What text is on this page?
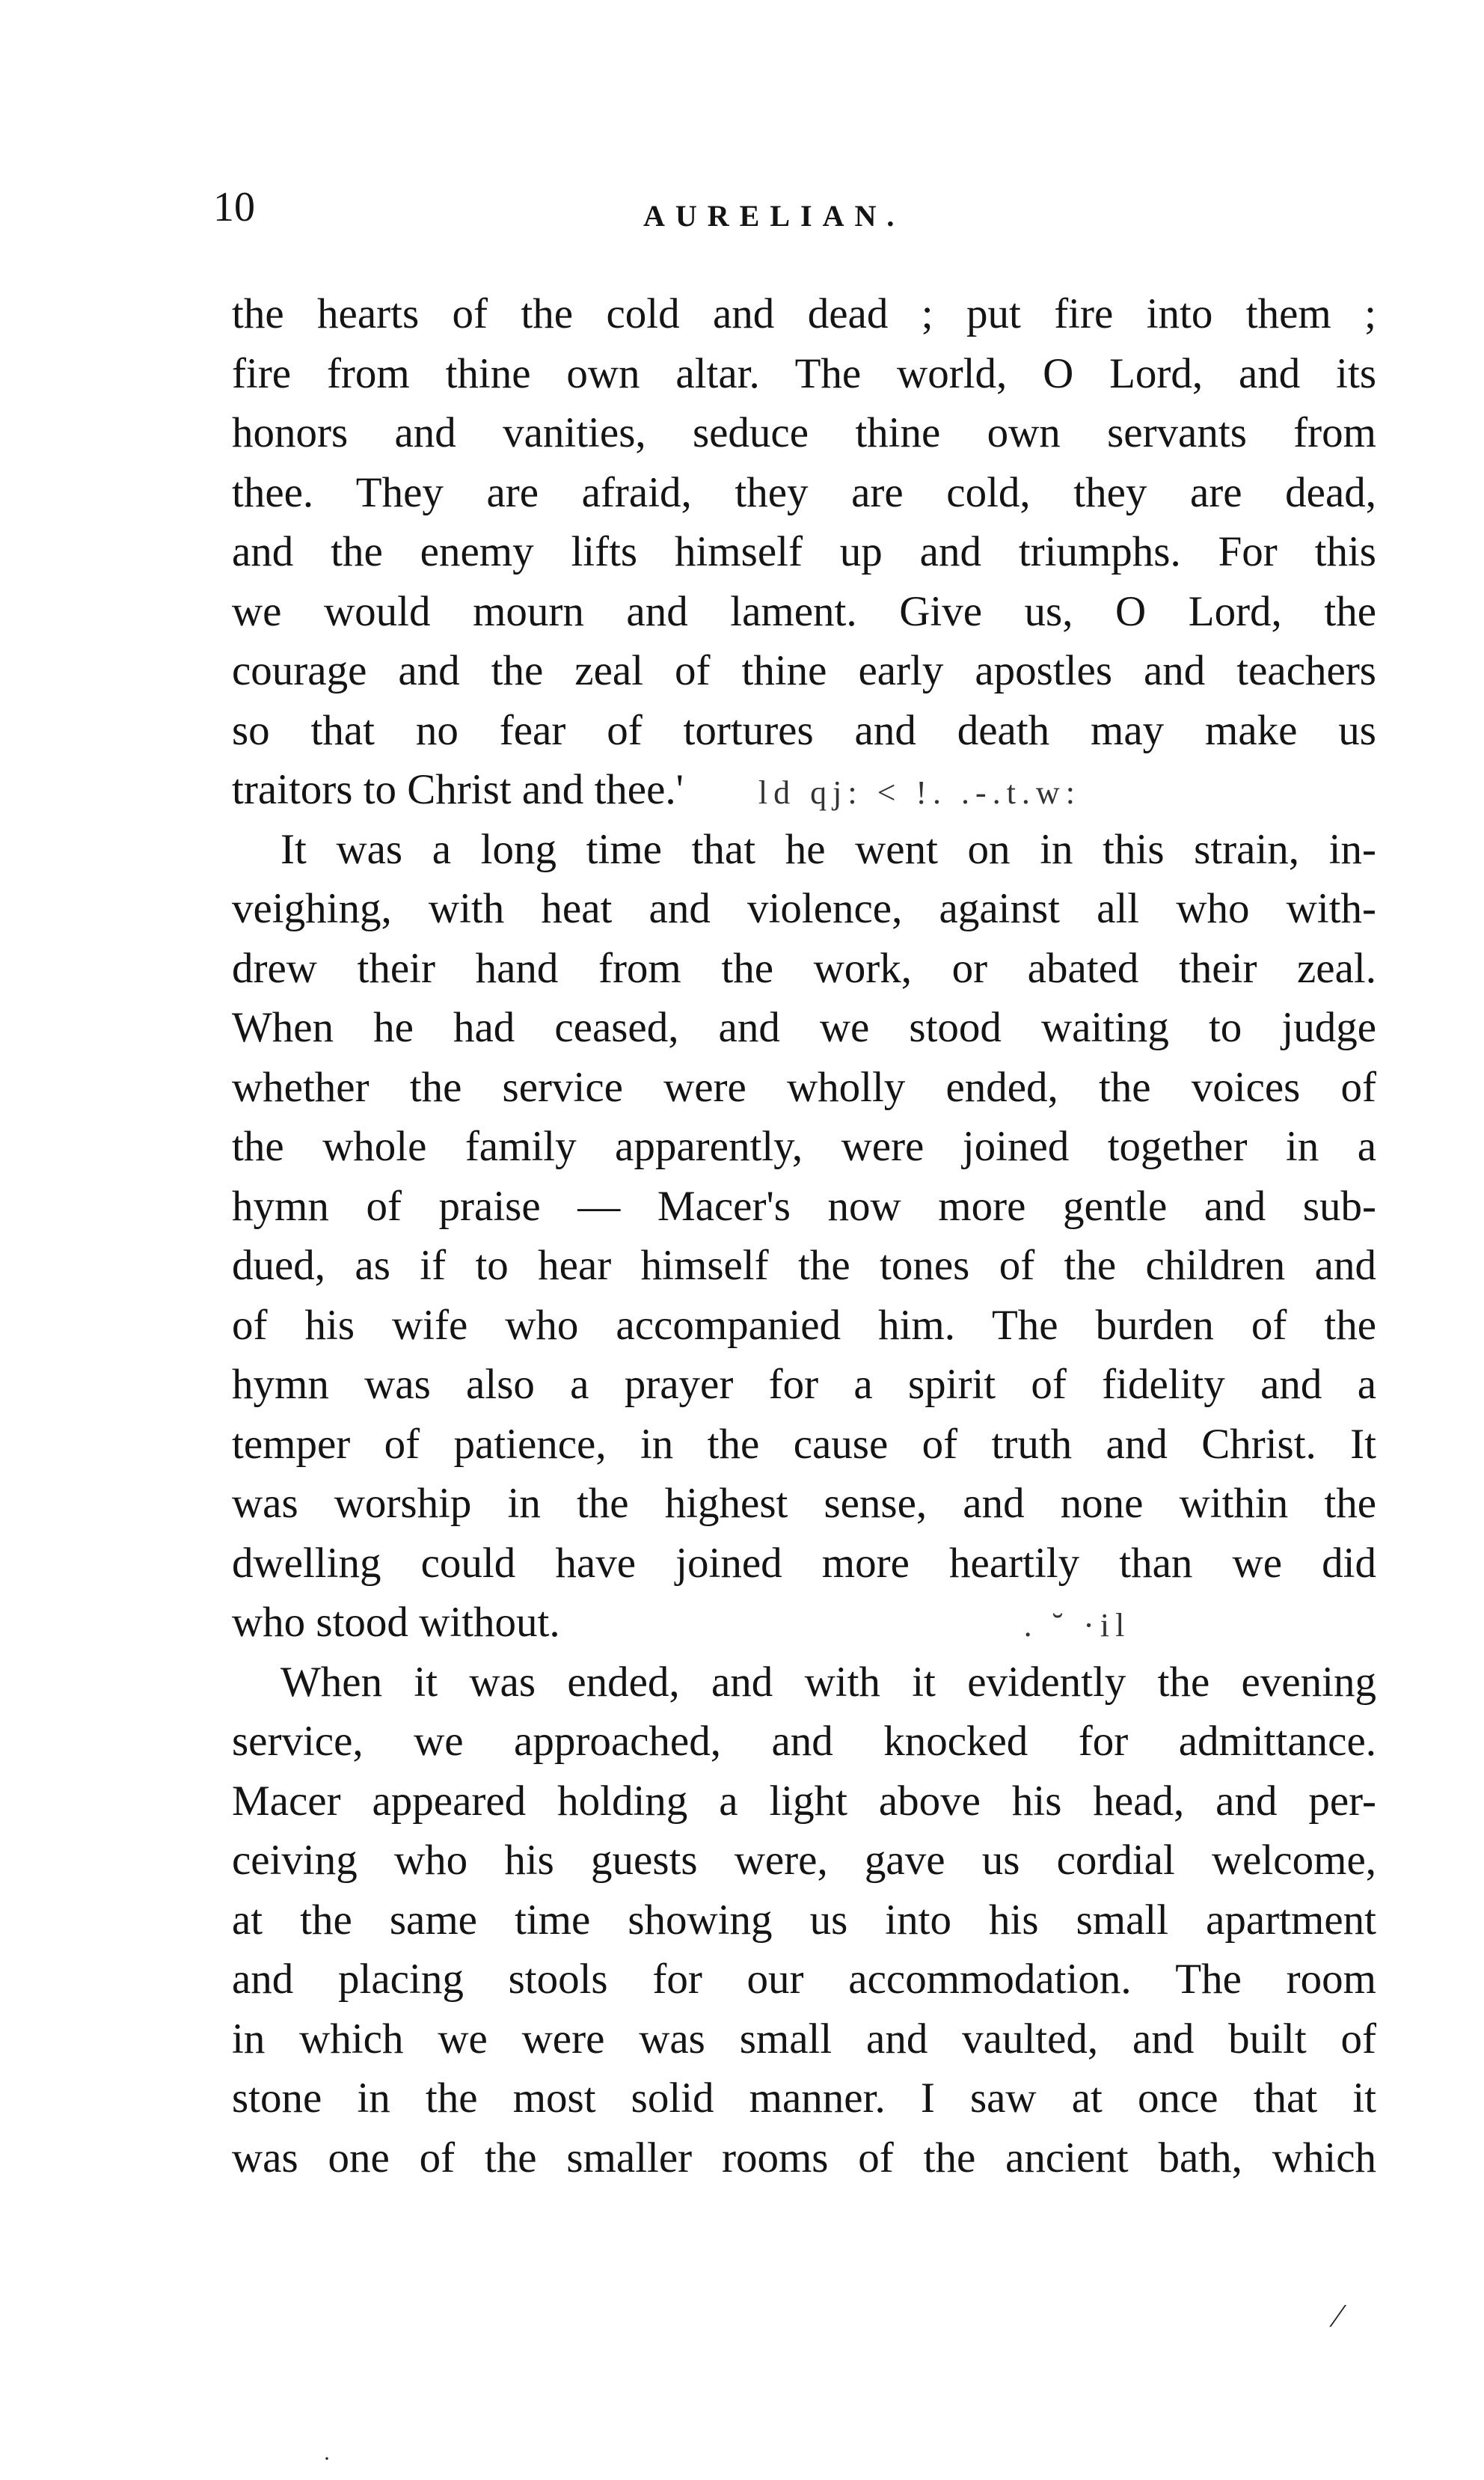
10	AURELIAN.
the hearts of the cold and dead ; put fire into them ;
fire from thine own altar. The world, O Lord, and its
honors and vanities, seduce thine own servants from
thee. They are afraid, they are cold, they are dead,
and the enemy lifts himself up and triumphs. For this
we would mourn and lament. Give us, O Lord, the
courage and the zeal of thine early apostles and teachers
so that no fear of tortures and death may make us
traitors to Christ and thee.' ld qj: < !. .-.t.w:
It was a long time that he went on in this strain, in-
veighing, with heat and violence, against all who with-
drew their hand from the work, or abated their zeal.
When he had ceased, and we stood waiting to judge
whether the service were wholly ended, the voices of
the whole family apparently, were joined together in a
hymn of praise — Macer's now more gentle and sub-
dued, as if to hear himself the tones of the children and
of his wife who accompanied him. The burden of the
hymn was also a prayer for a spirit of fidelity and a
temper of patience, in the cause of truth and Christ. It
was worship in the highest sense, and none within the
dwelling could have joined more heartily than we did
who stood without.	. ˘ ·il
When it was ended, and with it evidently the evening
service, we approached, and knocked for admittance.
Macer appeared holding a light above his head, and per-
ceiving who his guests were, gave us cordial welcome,
at the same time showing us into his small apartment
and placing stools for our accommodation. The room
in which we were was small and vaulted, and built of
stone in the most solid manner. I saw at once that it
was one of the smaller rooms of the ancient bath, which
⁄
·
